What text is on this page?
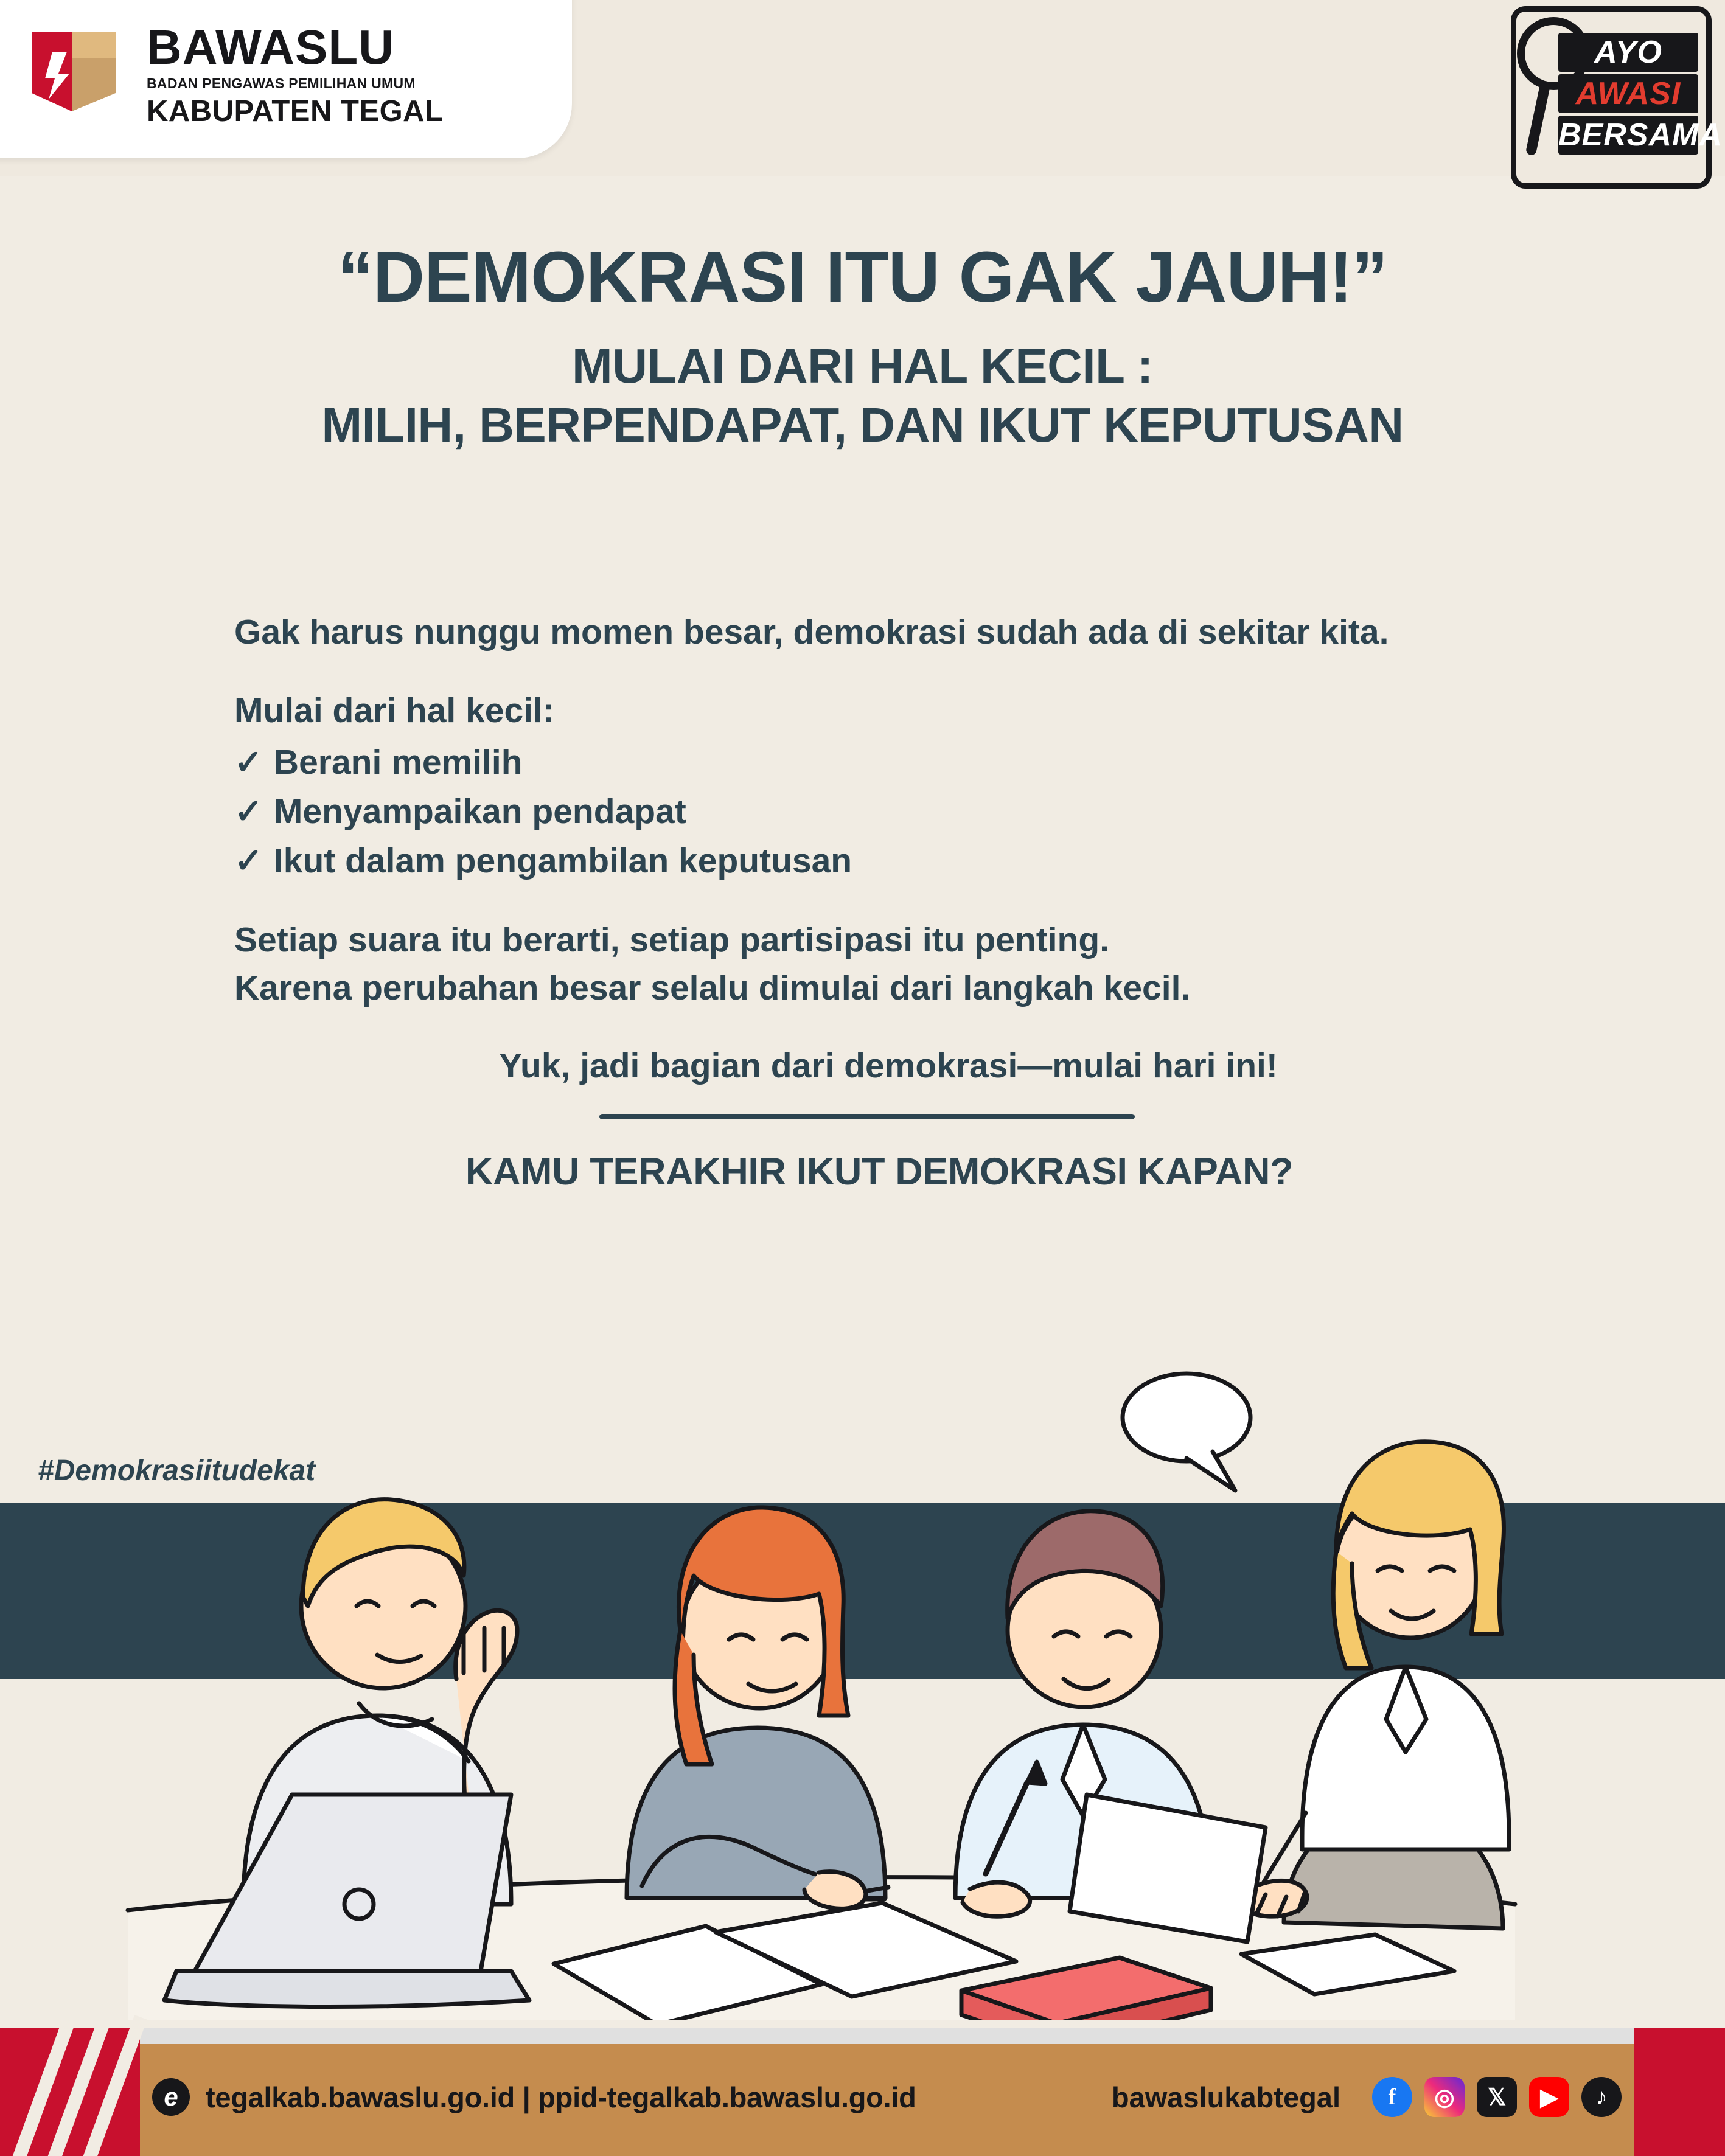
BAWASLU
BADAN PENGAWAS PEMILIHAN UMUM
KABUPATEN TEGAL
AYO
AWASI
BERSAMA
“DEMOKRASI ITU GAK JAUH!”
MULAI DARI HAL KECIL :
MILIH, BERPENDAPAT, DAN IKUT KEPUTUSAN
Gak harus nunggu momen besar, demokrasi sudah ada di sekitar kita.
Mulai dari hal kecil:
✓ Berani memilih
✓ Menyampaikan pendapat
✓ Ikut dalam pengambilan keputusan
Setiap suara itu berarti, setiap partisipasi itu penting.
Karena perubahan besar selalu dimulai dari langkah kecil.
Yuk, jadi bagian dari demokrasi—mulai hari ini!
KAMU TERAKHIR IKUT DEMOKRASI KAPAN?
#Demokrasiitudekat
e tegalkab.bawaslu.go.id | ppid-tegalkab.bawaslu.go.id	bawaslukabtegal	f	◎	𝕏	▶	♪
